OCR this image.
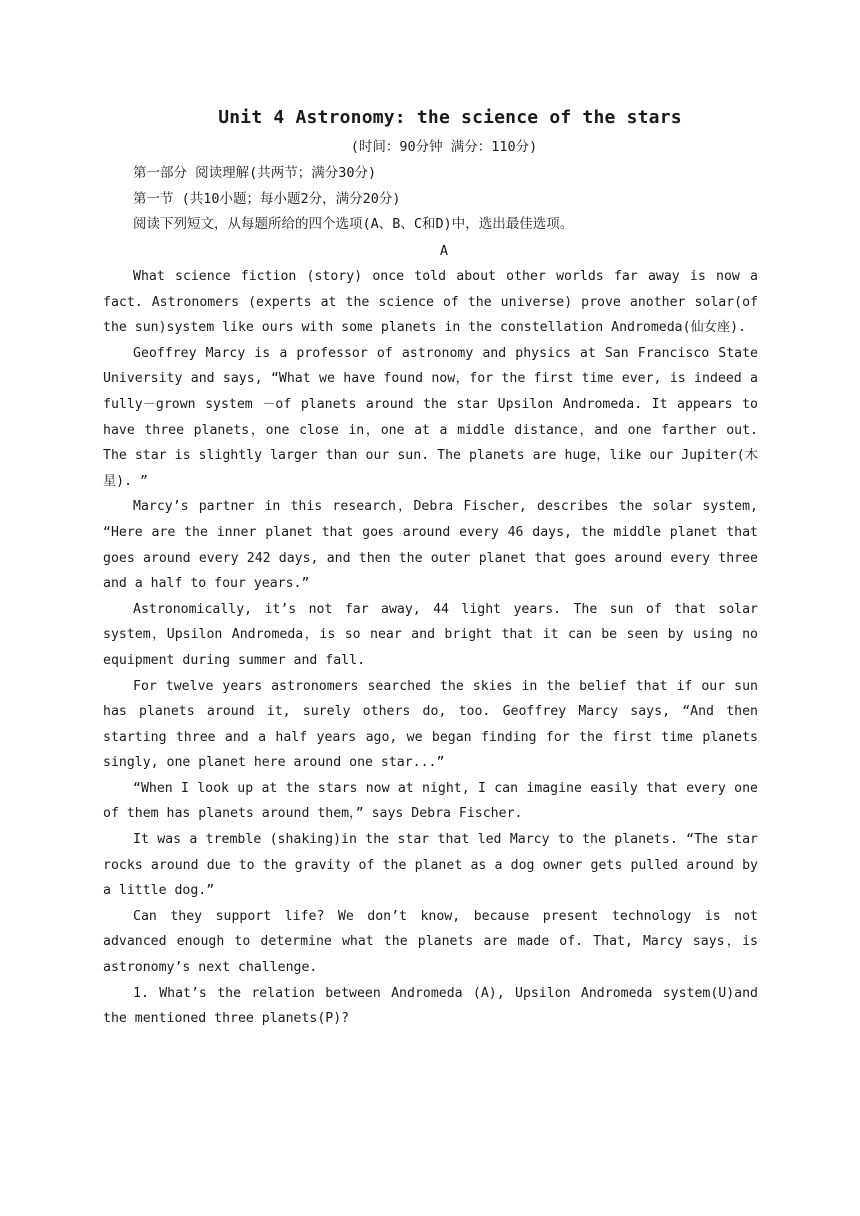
Unit 4 Astronomy: the science of the stars
(时间：90分钟 满分：110分)
第一部分 阅读理解(共两节；满分30分)
第一节 (共10小题；每小题2分，满分20分)
阅读下列短文，从每题所给的四个选项(A、B、C和D)中，选出最佳选项。
A

What science fiction (story) once told about other worlds far away is now a fact. Astronomers (experts at the science of the universe) prove another solar(of the sun)system like ours with some planets in the constellation Andromeda(仙女座).

Geoffrey Marcy is a professor of astronomy and physics at San Francisco State University and says, “What we have found now，for the first time ever, is indeed a fully－grown system －of planets around the star Upsilon Andromeda. It appears to have three planets，one close in，one at a middle distance，and one farther out. The star is slightly larger than our sun. The planets are huge，like our Jupiter(木星). ”

Marcy’s partner in this research，Debra Fischer, describes the solar system, “Here are the inner planet that goes around every 46 days, the middle planet that goes around every 242 days, and then the outer planet that goes around every three and a half to four years.”

Astronomically, it’s not far away, 44 light years. The sun of that solar system，Upsilon Andromeda，is so near and bright that it can be seen by using no equipment during summer and fall.

For twelve years astronomers searched the skies in the belief that if our sun has planets around it, surely others do, too. Geoffrey Marcy says, “And then starting three and a half years ago, we began finding for the first time planets singly, one planet here around one star...”

“When I look up at the stars now at night, I can imagine easily that every one of them has planets around them，” says Debra Fischer.

It was a tremble (shaking)in the star that led Marcy to the planets. “The star rocks around due to the gravity of the planet as a dog owner gets pulled around by a little dog.”

Can they support life? We don’t know, because present technology is not advanced enough to determine what the planets are made of. That, Marcy says，is astronomy’s next challenge.

1. What’s the relation between Andromeda (A), Upsilon Andromeda system(U)and the mentioned three planets(P)?
